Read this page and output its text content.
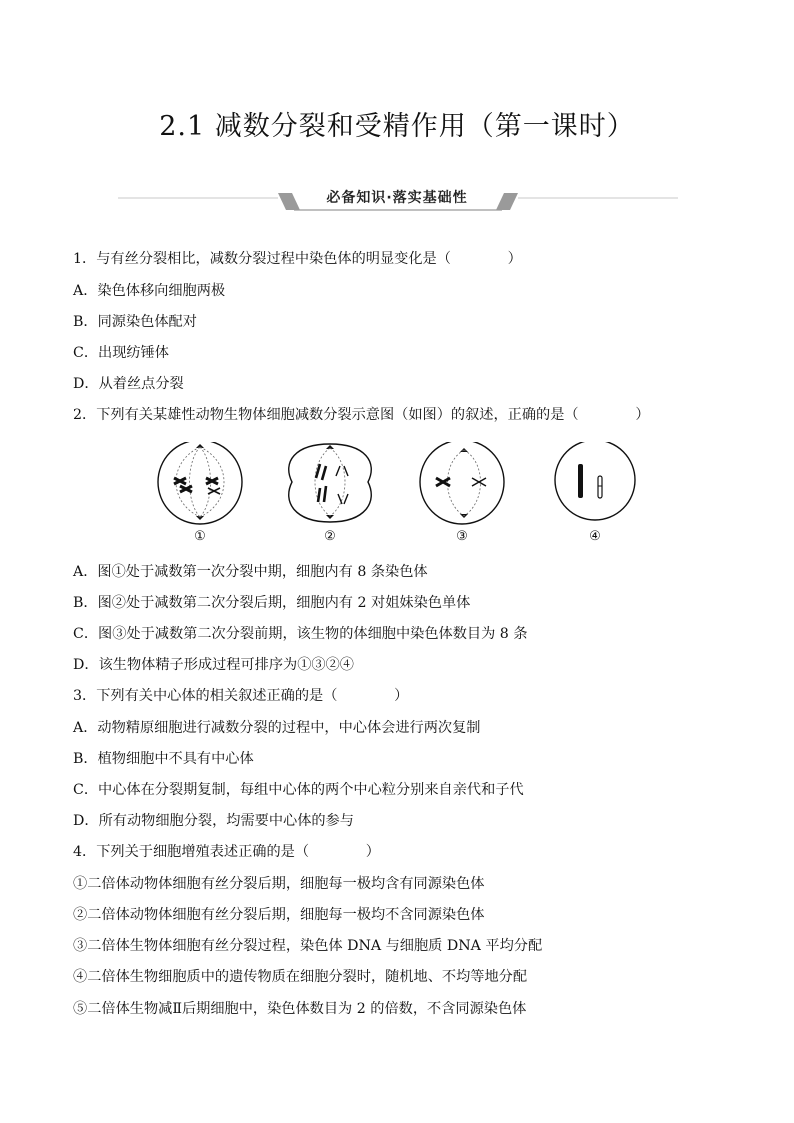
2.1 减数分裂和受精作用（第一课时）
必备知识·落实基础性
1．与有丝分裂相比，减数分裂过程中染色体的明显变化是（　　　　）
A．染色体移向细胞两极
B．同源染色体配对
C．出现纺锤体
D．从着丝点分裂
2．下列有关某雄性动物生物体细胞减数分裂示意图（如图）的叙述，正确的是（　　　　）
①	②	③	④
A．图①处于减数第一次分裂中期，细胞内有 8 条染色体
B．图②处于减数第二次分裂后期，细胞内有 2 对姐妹染色单体
C．图③处于减数第二次分裂前期，该生物的体细胞中染色体数目为 8 条
D．该生物体精子形成过程可排序为①③②④
3．下列有关中心体的相关叙述正确的是（　　　　）
A．动物精原细胞进行减数分裂的过程中，中心体会进行两次复制
B．植物细胞中不具有中心体
C．中心体在分裂期复制，每组中心体的两个中心粒分别来自亲代和子代
D．所有动物细胞分裂，均需要中心体的参与
4．下列关于细胞增殖表述正确的是（　　　　）
①二倍体动物体细胞有丝分裂后期，细胞每一极均含有同源染色体
②二倍体动物体细胞有丝分裂后期，细胞每一极均不含同源染色体
③二倍体生物体细胞有丝分裂过程，染色体 DNA 与细胞质 DNA 平均分配
④二倍体生物细胞质中的遗传物质在细胞分裂时，随机地、不均等地分配
⑤二倍体生物减Ⅱ后期细胞中，染色体数目为 2 的倍数，不含同源染色体
